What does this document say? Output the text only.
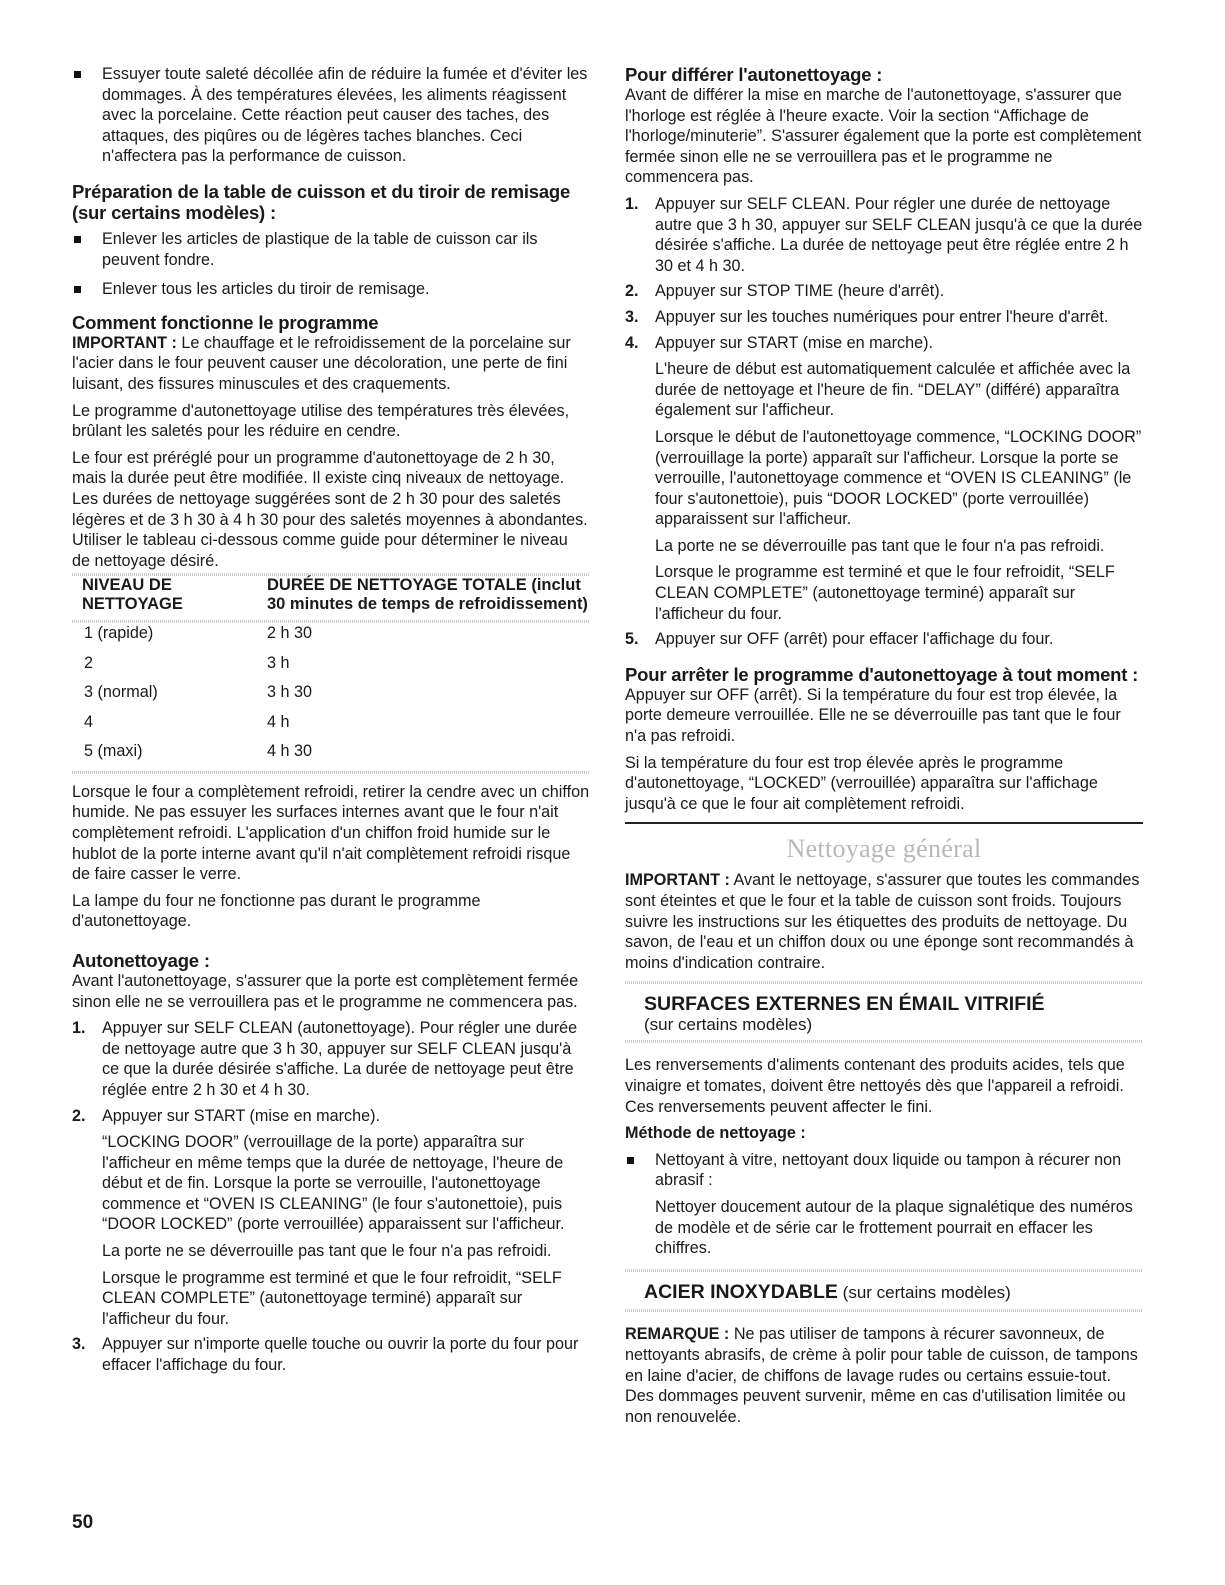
Essuyer toute saleté décollée afin de réduire la fumée et d'éviter les dommages. À des températures élevées, les aliments réagissent avec la porcelaine. Cette réaction peut causer des taches, des attaques, des piqûres ou de légères taches blanches. Ceci n'affectera pas la performance de cuisson.
Préparation de la table de cuisson et du tiroir de remisage (sur certains modèles) :
Enlever les articles de plastique de la table de cuisson car ils peuvent fondre.
Enlever tous les articles du tiroir de remisage.
Comment fonctionne le programme

IMPORTANT : Le chauffage et le refroidissement de la porcelaine sur l'acier dans le four peuvent causer une décoloration, une perte de fini luisant, des fissures minuscules et des craquements.

Le programme d'autonettoyage utilise des températures très élevées, brûlant les saletés pour les réduire en cendre.

Le four est préréglé pour un programme d'autonettoyage de 2 h 30, mais la durée peut être modifiée. Il existe cinq niveaux de nettoyage. Les durées de nettoyage suggérées sont de 2 h 30 pour des saletés légères et de 3 h 30 à 4 h 30 pour des saletés moyennes à abondantes. Utiliser le tableau ci-dessous comme guide pour déterminer le niveau de nettoyage désiré.

NIVEAU DE NETTOYAGE	DURÉE DE NETTOYAGE TOTALE (inclut 30 minutes de temps de refroidissement)

1 (rapide)	2 h 30
2	3 h
3 (normal)	3 h 30
4	4 h
5 (maxi)	4 h 30

Lorsque le four a complètement refroidi, retirer la cendre avec un chiffon humide. Ne pas essuyer les surfaces internes avant que le four n'ait complètement refroidi. L'application d'un chiffon froid humide sur le hublot de la porte interne avant qu'il n'ait complètement refroidi risque de faire casser le verre.

La lampe du four ne fonctionne pas durant le programme d'autonettoyage.

Autonettoyage :

Avant l'autonettoyage, s'assurer que la porte est complètement fermée sinon elle ne se verrouillera pas et le programme ne commencera pas.

1. Appuyer sur SELF CLEAN (autonettoyage). Pour régler une durée de nettoyage autre que 3 h 30, appuyer sur SELF CLEAN jusqu'à ce que la durée désirée s'affiche. La durée de nettoyage peut être réglée entre 2 h 30 et 4 h 30.
2. Appuyer sur START (mise en marche).
“LOCKING DOOR” (verrouillage de la porte) apparaîtra sur l'afficheur en même temps que la durée de nettoyage, l'heure de début et de fin. Lorsque la porte se verrouille, l'autonettoyage commence et “OVEN IS CLEANING” (le four s'autonettoie), puis “DOOR LOCKED” (porte verrouillée) apparaissent sur l'afficheur.
La porte ne se déverrouille pas tant que le four n'a pas refroidi.
Lorsque le programme est terminé et que le four refroidit, “SELF CLEAN COMPLETE” (autonettoyage terminé) apparaît sur l'afficheur du four.
3. Appuyer sur n'importe quelle touche ou ouvrir la porte du four pour effacer l'affichage du four.
50
Pour différer l'autonettoyage :

Avant de différer la mise en marche de l'autonettoyage, s'assurer que l'horloge est réglée à l'heure exacte. Voir la section “Affichage de l'horloge/minuterie”. S'assurer également que la porte est complètement fermée sinon elle ne se verrouillera pas et le programme ne commencera pas.

1. Appuyer sur SELF CLEAN. Pour régler une durée de nettoyage autre que 3 h 30, appuyer sur SELF CLEAN jusqu'à ce que la durée désirée s'affiche. La durée de nettoyage peut être réglée entre 2 h 30 et 4 h 30.
2. Appuyer sur STOP TIME (heure d'arrêt).
3. Appuyer sur les touches numériques pour entrer l'heure d'arrêt.
4. Appuyer sur START (mise en marche).
L'heure de début est automatiquement calculée et affichée avec la durée de nettoyage et l'heure de fin. “DELAY” (différé) apparaîtra également sur l'afficheur.
Lorsque le début de l'autonettoyage commence, “LOCKING DOOR” (verrouillage la porte) apparaît sur l'afficheur. Lorsque la porte se verrouille, l'autonettoyage commence et “OVEN IS CLEANING” (le four s'autonettoie), puis “DOOR LOCKED” (porte verrouillée) apparaissent sur l'afficheur.
La porte ne se déverrouille pas tant que le four n'a pas refroidi.
Lorsque le programme est terminé et que le four refroidit, “SELF CLEAN COMPLETE” (autonettoyage terminé) apparaît sur l'afficheur du four.
5. Appuyer sur OFF (arrêt) pour effacer l'affichage du four.
Pour arrêter le programme d'autonettoyage à tout moment :

Appuyer sur OFF (arrêt). Si la température du four est trop élevée, la porte demeure verrouillée. Elle ne se déverrouille pas tant que le four n'a pas refroidi.

Si la température du four est trop élevée après le programme d'autonettoyage, “LOCKED” (verrouillée) apparaîtra sur l'affichage jusqu'à ce que le four ait complètement refroidi.

Nettoyage général

IMPORTANT : Avant le nettoyage, s'assurer que toutes les commandes sont éteintes et que le four et la table de cuisson sont froids. Toujours suivre les instructions sur les étiquettes des produits de nettoyage. Du savon, de l'eau et un chiffon doux ou une éponge sont recommandés à moins d'indication contraire.

SURFACES EXTERNES EN ÉMAIL VITRIFIÉ
(sur certains modèles)

Les renversements d'aliments contenant des produits acides, tels que vinaigre et tomates, doivent être nettoyés dès que l'appareil a refroidi. Ces renversements peuvent affecter le fini.

Méthode de nettoyage :

Nettoyant à vitre, nettoyant doux liquide ou tampon à récurer non abrasif :
Nettoyer doucement autour de la plaque signalétique des numéros de modèle et de série car le frottement pourrait en effacer les chiffres.
ACIER INOXYDABLE (sur certains modèles)

REMARQUE : Ne pas utiliser de tampons à récurer savonneux, de nettoyants abrasifs, de crème à polir pour table de cuisson, de tampons en laine d'acier, de chiffons de lavage rudes ou certains essuie-tout. Des dommages peuvent survenir, même en cas d'utilisation limitée ou non renouvelée.
